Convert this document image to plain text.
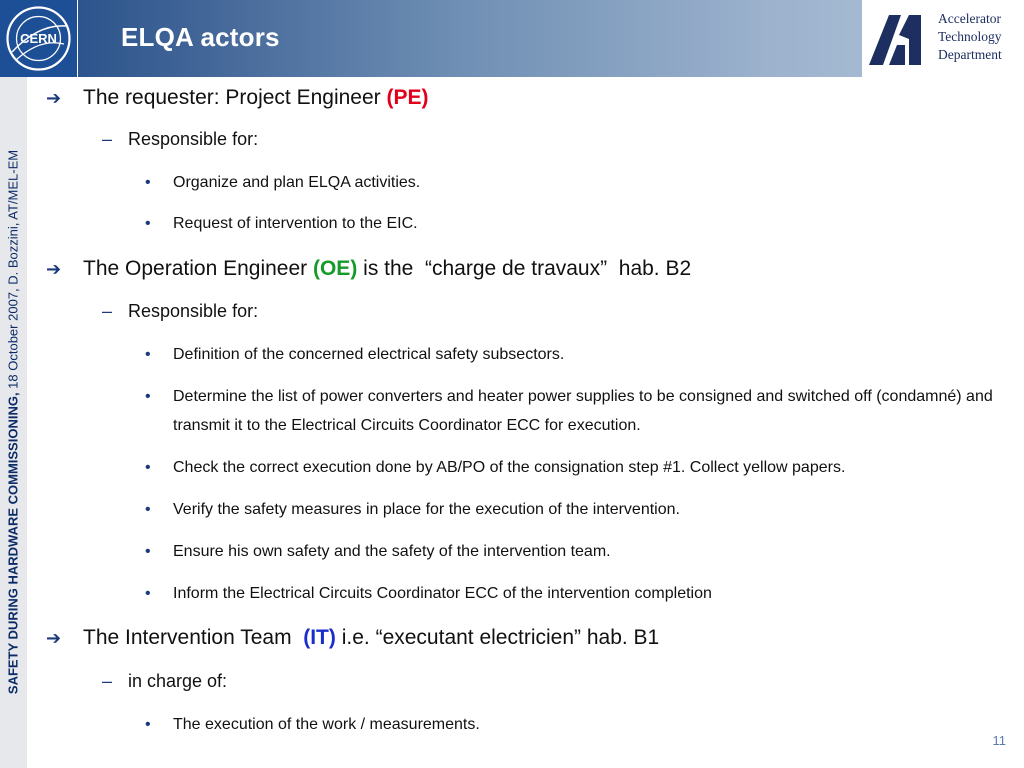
CERN ELQA actors
Accelerator
Technology
Department
SAFETY DURING HARDWARE COMMISSIONING, 18 October 2007, D. Bozzini, AT/MEL-EM
➔ The requester: Project Engineer (PE)
– Responsible for:
• Organize and plan ELQA activities.
• Request of intervention to the EIC.
➔ The Operation Engineer (OE) is the  “charge de travaux”  hab. B2
– Responsible for:
• Definition of the concerned electrical safety subsectors.
• Determine the list of power converters and heater power supplies to be consigned and switched off (condamné) and transmit it to the Electrical Circuits Coordinator ECC for execution.
• Check the correct execution done by AB/PO of the consignation step #1. Collect yellow papers.
• Verify the safety measures in place for the execution of the intervention.
• Ensure his own safety and the safety of the intervention team.
• Inform the Electrical Circuits Coordinator ECC of the intervention completion
➔ The Intervention Team  (IT) i.e. “executant electricien” hab. B1
– in charge of:
• The execution of the work / measurements.
11
